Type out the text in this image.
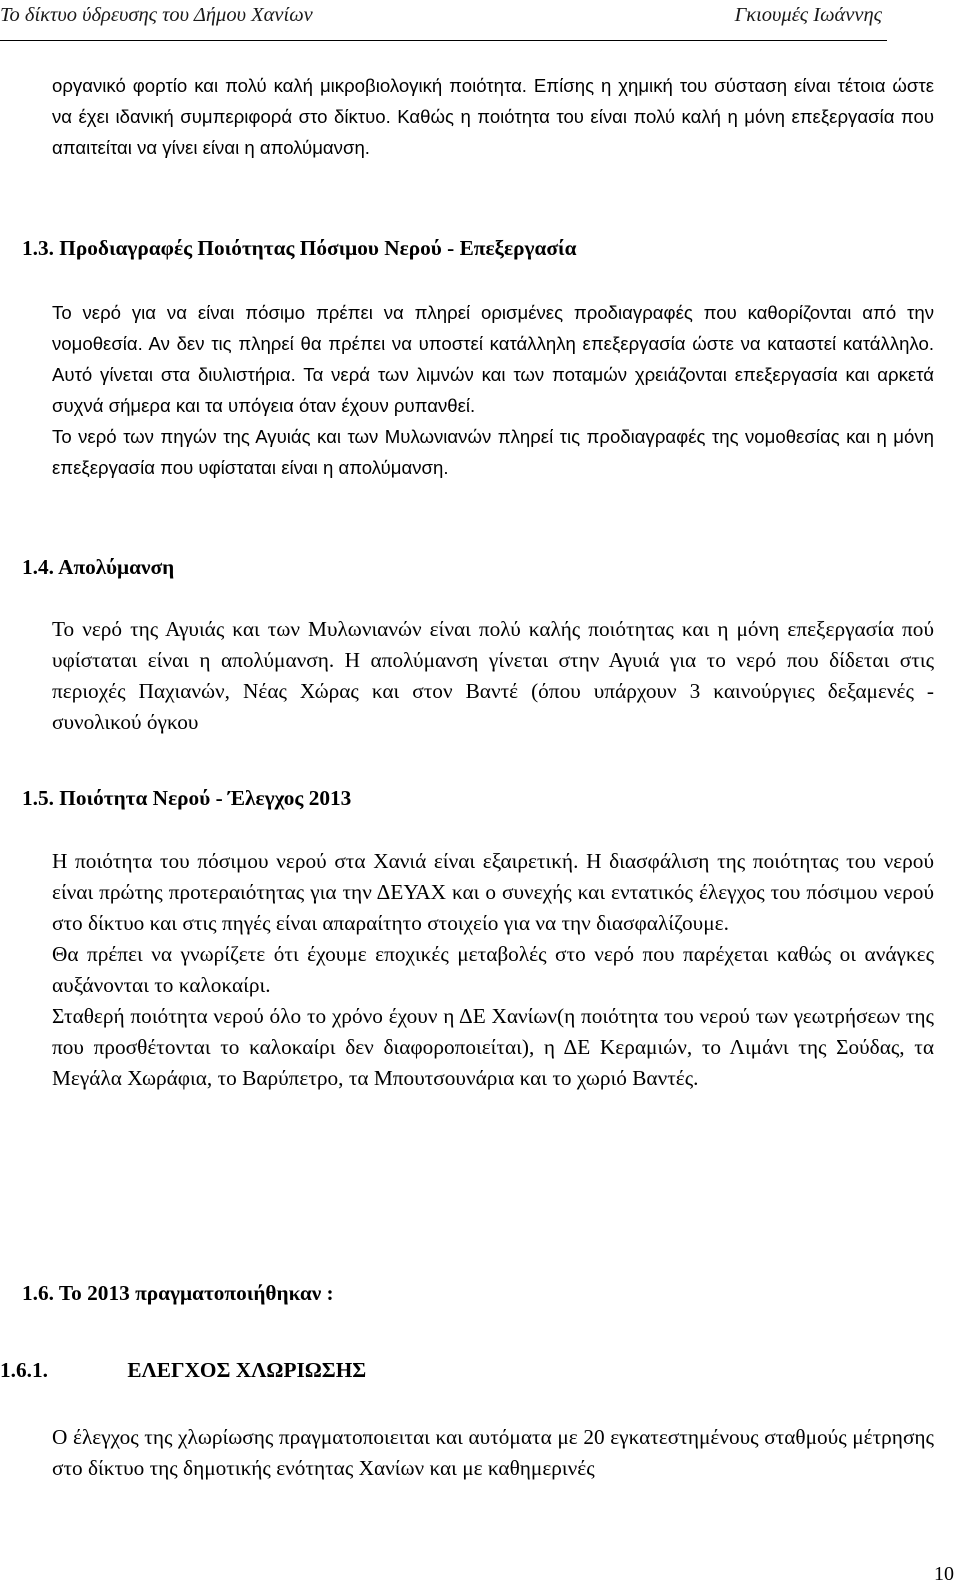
Το δίκτυο ύδρευσης του Δήμου Χανίων	Γκιουμές Ιωάννης

οργανικό φορτίο και πολύ καλή μικροβιολογική ποιότητα. Επίσης η χημική του σύσταση είναι τέτοια ώστε να έχει ιδανική συμπεριφορά στο δίκτυο. Καθώς η ποιότητα του είναι πολύ καλή η μόνη επεξεργασία που απαιτείται να γίνει είναι η απολύμανση.

1.3. Προδιαγραφές Ποιότητας Πόσιμου Νερού - Επεξεργασία

Το νερό για να είναι πόσιμο πρέπει να πληρεί ορισμένες προδιαγραφές που καθορίζονται από την νομοθεσία. Αν δεν τις πληρεί θα πρέπει να υποστεί κατάλληλη επεξεργασία ώστε να καταστεί κατάλληλο. Αυτό γίνεται στα διυλιστήρια. Τα νερά των λιμνών και των ποταμών χρειάζονται επεξεργασία και αρκετά συχνά σήμερα και τα υπόγεια όταν έχουν ρυπανθεί.

Το νερό των πηγών της Αγυιάς και των Μυλωνιανών πληρεί τις προδιαγραφές της νομοθεσίας και η μόνη επεξεργασία που υφίσταται είναι η απολύμανση.

1.4. Απολύμανση

Το νερό της Αγυιάς και των Μυλωνιανών είναι πολύ καλής ποιότητας και η μόνη επεξεργασία πού υφίσταται είναι η απολύμανση. Η απολύμανση γίνεται στην Αγυιά για το νερό που δίδεται στις περιοχές Παχιανών, Νέας Χώρας και στον Βαντέ (όπου υπάρχουν 3 καινούργιες δεξαμενές - συνολικού όγκου

1.5. Ποιότητα Νερού - Έλεγχος 2013

Η ποιότητα του πόσιμου νερού στα Χανιά είναι εξαιρετική. Η διασφάλιση της ποιότητας του νερού είναι πρώτης προτεραιότητας για την ΔΕΥΑΧ και ο συνεχής και εντατικός έλεγχος του πόσιμου νερού στο δίκτυο και στις πηγές είναι απαραίτητο στοιχείο για να την διασφαλίζουμε.

Θα πρέπει να γνωρίζετε ότι έχουμε εποχικές μεταβολές στο νερό που παρέχεται καθώς οι ανάγκες αυξάνονται το καλοκαίρι.

Σταθερή ποιότητα νερού όλο το χρόνο έχουν η ΔΕ Χανίων(η ποιότητα του νερού των γεωτρήσεων της που προσθέτονται το καλοκαίρι δεν διαφοροποιείται), η ΔΕ Κεραμιών, το Λιμάνι της Σούδας, τα Μεγάλα Χωράφια, το Βαρύπετρο, τα Μπουτσουνάρια και το χωριό Βαντές.

1.6. Το 2013 πραγματοποιήθηκαν :
1.6.1.	ΕΛΕΓΧΟΣ ΧΛΩΡΙΩΣΗΣ

Ο έλεγχος της χλωρίωσης πραγματοποιειται και αυτόματα με 20 εγκατεστημένους σταθμούς μέτρησης στο δίκτυο της δημοτικής ενότητας Χανίων και με καθημερινές

10
